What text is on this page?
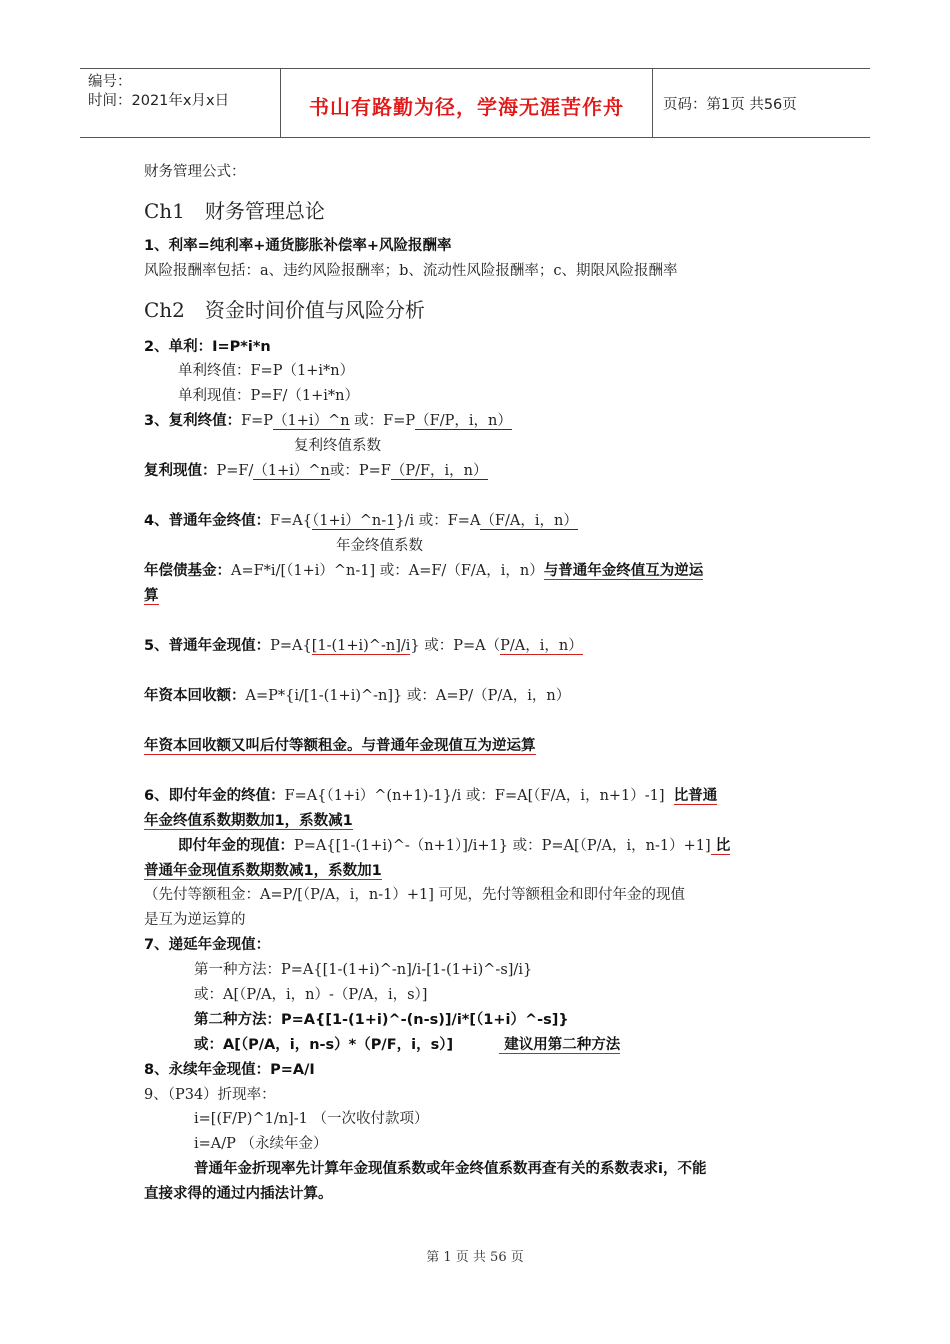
编号：
时间：2021年x月x日	书山有路勤为径，学海无涯苦作舟	页码：第1页 共56页
财务管理公式：
Ch1　财务管理总论
1、利率=纯利率+通货膨胀补偿率+风险报酬率
风险报酬率包括：a、违约风险报酬率；b、流动性风险报酬率；c、期限风险报酬率
Ch2　资金时间价值与风险分析
2、单利：I=P*i*n
单利终值：F=P（1+i*n）
单利现值：P=F/（1+i*n）
3、复利终值：F=P（1+i）^n 或：F=P（F/P，i，n）
复利终值系数
复利现值：P=F/（1+i）^n或：P=F（P/F，i，n）
4、普通年金终值：F=A{（1+i）^n-1}/i 或：F=A（F/A，i，n）
年金终值系数
年偿债基金：A=F*i/[（1+i）^n-1] 或：A=F/（F/A，i，n）与普通年金终值互为逆运
算
5、普通年金现值：P=A{[1-(1+i)^-n]/i} 或：P=A（P/A，i，n）
年资本回收额：A=P*{i/[1-(1+i)^-n]} 或：A=P/（P/A，i，n）
年资本回收额又叫后付等额租金。与普通年金现值互为逆运算
6、即付年金的终值：F=A{（1+i）^(n+1)-1}/i 或：F=A[（F/A，i，n+1）-1] 比普通
年金终值系数期数加1，系数减1
即付年金的现值：P=A{[1-(1+i)^-（n+1）]/i+1} 或：P=A[（P/A，i，n-1）+1] 比
普通年金现值系数期数减1，系数加1
（先付等额租金：A=P/[（P/A，i，n-1）+1] 可见，先付等额租金和即付年金的现值
是互为逆运算的
7、递延年金现值：
第一种方法：P=A{[1-(1+i)^-n]/i-[1-(1+i)^-s]/i}
或：A[（P/A，i，n）-（P/A，i，s）]
第二种方法：P=A{[1-(1+i)^-(n-s)]/i*[（1+i）^-s]}
或：A[（P/A，i，n-s）*（P/F，i，s）]	建议用第二种方法
8、永续年金现值：P=A/I
9、（P34）折现率：
i=[(F/P)^1/n]-1 （一次收付款项）
i=A/P （永续年金）
普通年金折现率先计算年金现值系数或年金终值系数再查有关的系数表求i，不能
直接求得的通过内插法计算。
第 1 页 共 56 页
